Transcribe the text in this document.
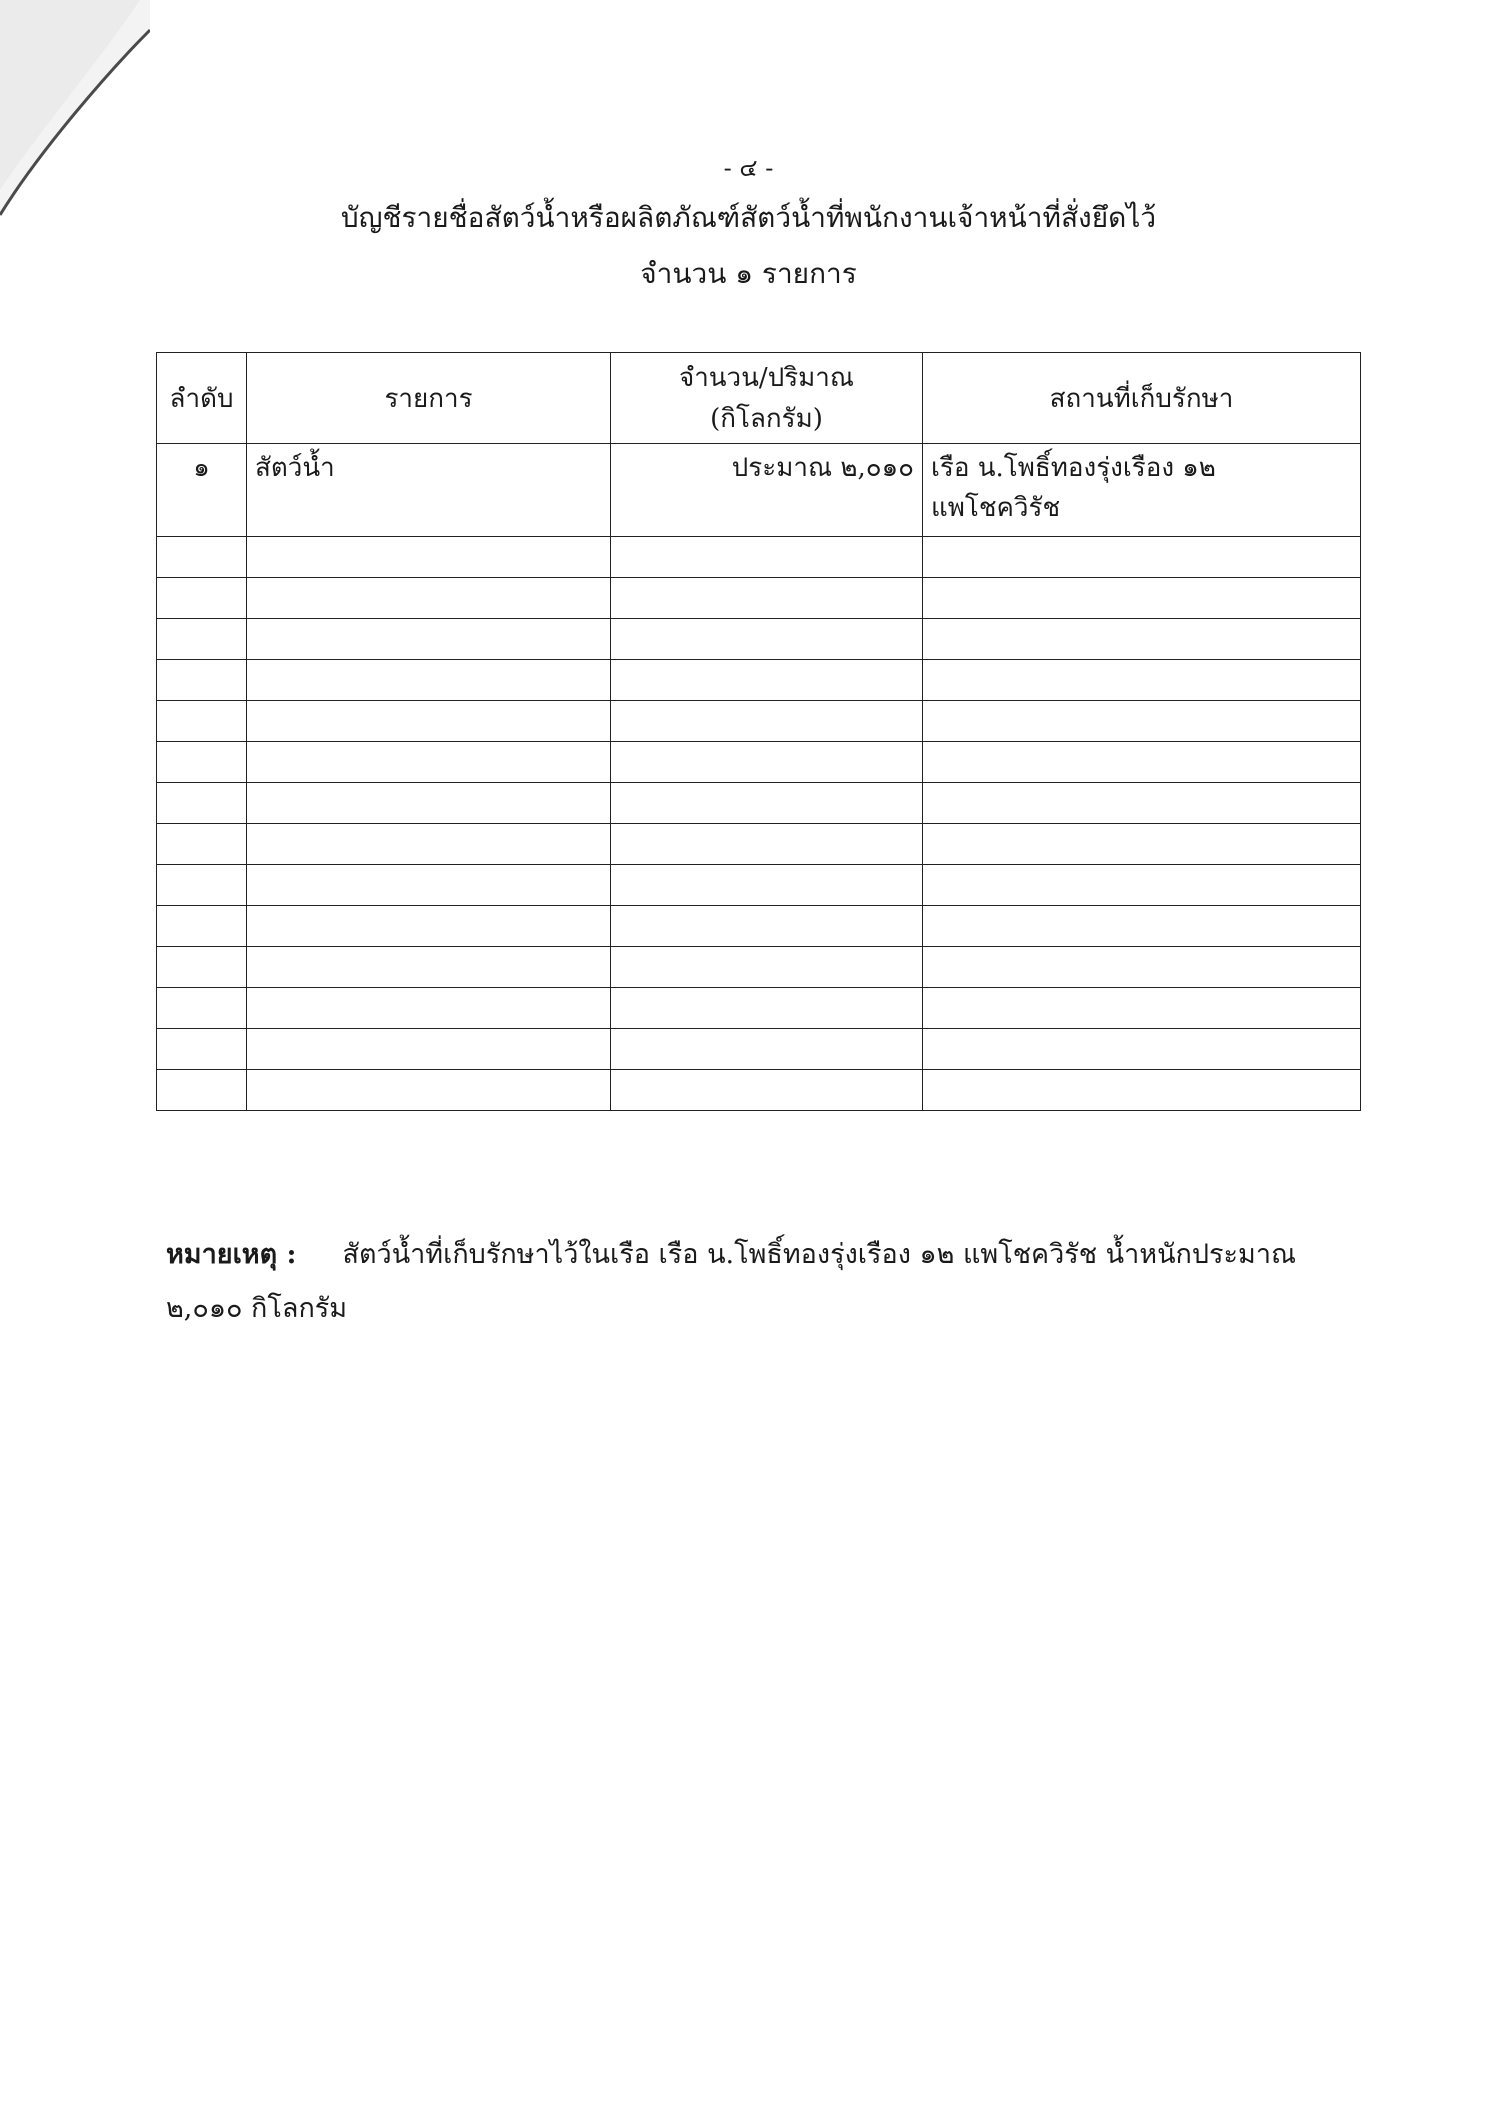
- ๔ -
บัญชีรายชื่อสัตว์น้ำหรือผลิตภัณฑ์สัตว์น้ำที่พนักงานเจ้าหน้าที่สั่งยึดไว้
จำนวน ๑ รายการ
ลำดับ	รายการ	จำนวน/ปริมาณ (กิโลกรัม)	สถานที่เก็บรักษา
๑	สัตว์น้ำ	ประมาณ ๒,๐๑๐	เรือ น.โพธิ์ทองรุ่งเรือง ๑๒
แพโชควิรัช

หมายเหตุ : สัตว์น้ำที่เก็บรักษาไว้ในเรือ เรือ น.โพธิ์ทองรุ่งเรือง ๑๒ แพโชควิรัช น้ำหนักประมาณ ๒,๐๑๐ กิโลกรัม
